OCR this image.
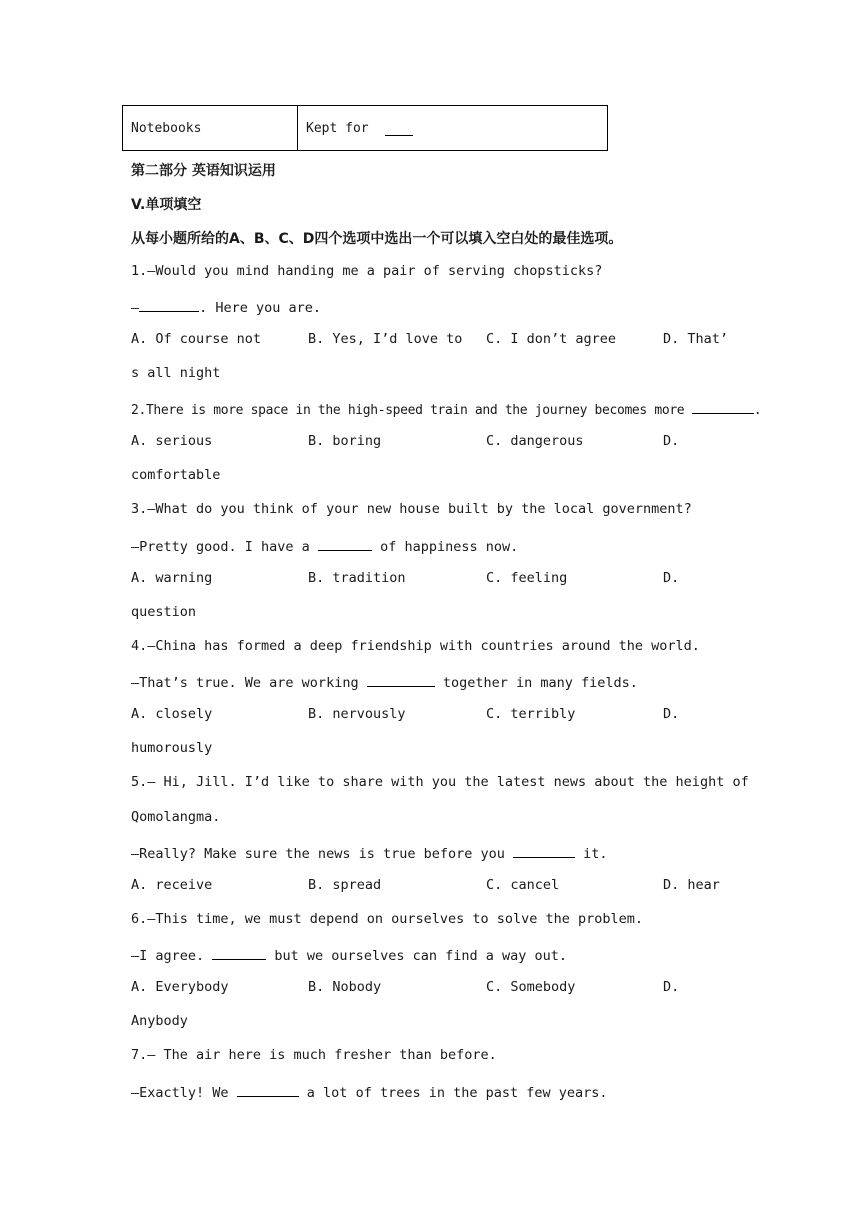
Notebooks	Kept for
第二部分 英语知识运用
V.单项填空
从每小题所给的A、B、C、D四个选项中选出一个可以填入空白处的最佳选项。
1.—Would you mind handing me a pair of serving chopsticks?
—	. Here you are.
A. Of course not	B. Yes, I’d love to C. I don’t agree	D. That’
s all night
2.There is more space in the high-speed train and the journey becomes more	.
A. serious	B. boring	C. dangerous	D.
comfortable
3.—What do you think of your new house built by the local government?
—Pretty good. I have a	of happiness now.
A. warning	B. tradition	C. feeling	D.
question
4.—China has formed a deep friendship with countries around the world.
—That’s true. We are working	together in many fields.
A. closely	B. nervously	C. terribly	D.
humorously
5.— Hi, Jill. I’d like to share with you the latest news about the height of
Qomolangma.
—Really? Make sure the news is true before you	it.
A. receive	B. spread	C. cancel	D. hear
6.—This time, we must depend on ourselves to solve the problem.
—I agree.	but we ourselves can find a way out.
A. Everybody	B. Nobody	C. Somebody	D.
Anybody
7.— The air here is much fresher than before.
—Exactly! We	a lot of trees in the past few years.
